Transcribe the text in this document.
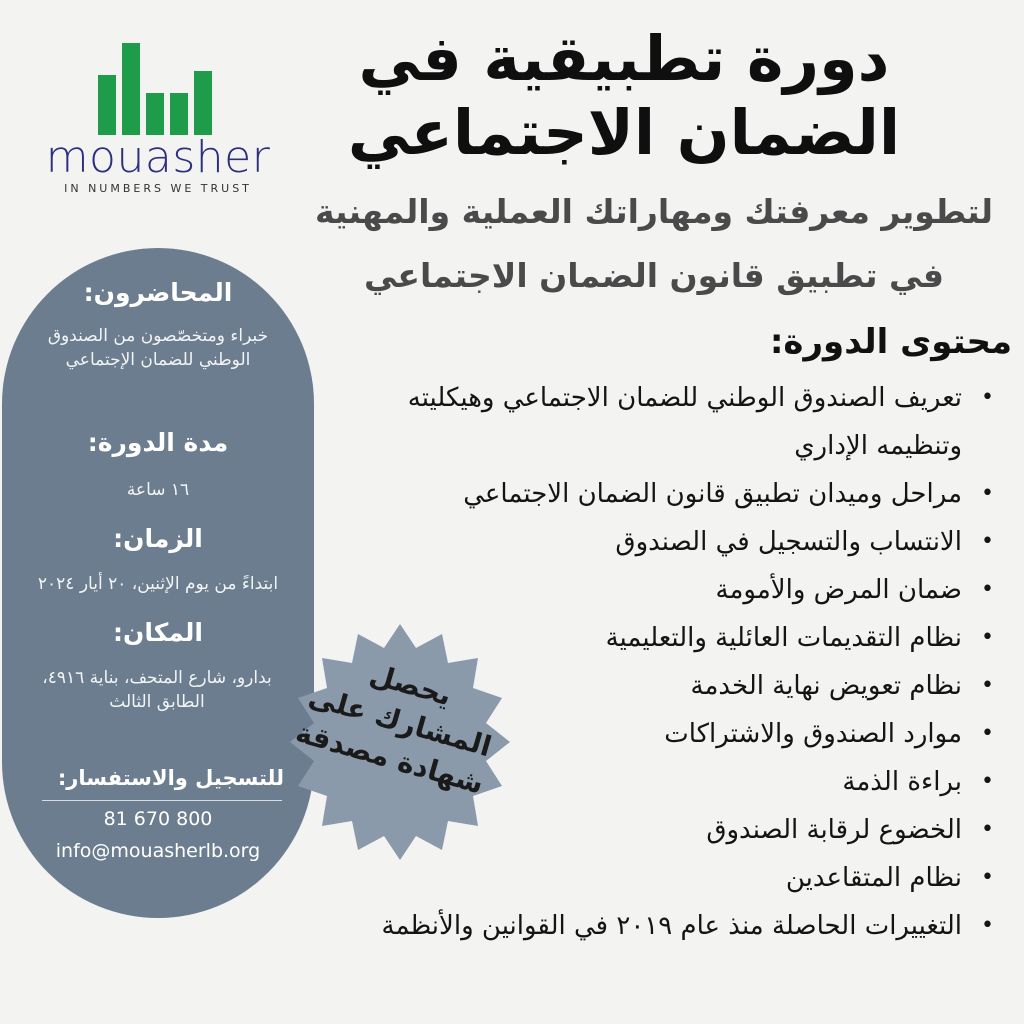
mouasher
IN NUMBERS WE TRUST
دورة تطبيقية في
الضمان الاجتماعي
لتطوير معرفتك ومهاراتك العملية والمهنية
في تطبيق قانون الضمان الاجتماعي
المحاضرون:
خبراء ومتخصّصون من الصندوق الوطني للضمان الإجتماعي
مدة الدورة:
١٦ ساعة
الزمان:
ابتداءً من يوم الإثنين، ٢٠ أيار ٢٠٢٤
المكان:
بدارو، شارع المتحف، بناية ٤٩١٦، الطابق الثالث
للتسجيل والاستفسار:
81 670 800
info@mouasherlb.org
يحصل المشارك على شهادة مصدقة
محتوى الدورة:
•
تعريف الصندوق الوطني للضمان الاجتماعي وهيكليته وتنظيمه الإداري
•
مراحل وميدان تطبيق قانون الضمان الاجتماعي
•
الانتساب والتسجيل في الصندوق
•
ضمان المرض والأمومة
•
نظام التقديمات العائلية والتعليمية
•
نظام تعويض نهاية الخدمة
•
موارد الصندوق والاشتراكات
•
براءة الذمة
•
الخضوع لرقابة الصندوق
•
نظام المتقاعدين
•
التغييرات الحاصلة منذ عام ٢٠١٩ في القوانين والأنظمة
